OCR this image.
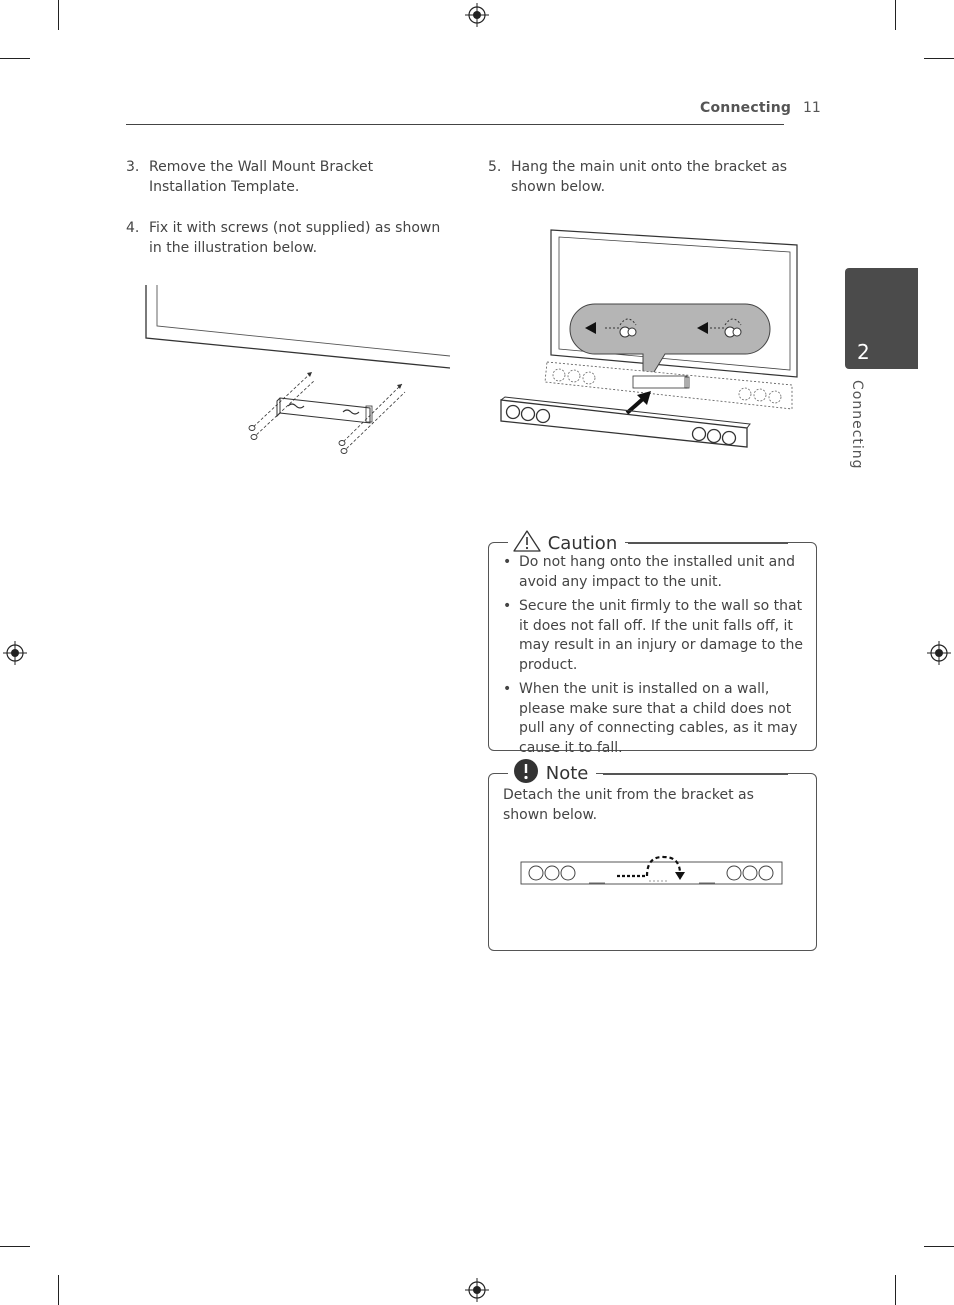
Connecting 11
3. Remove the Wall Mount Bracket Installation Template.
4. Fix it with screws (not supplied) as shown in the illustration below.
5. Hang the main unit onto the bracket as shown below.
2
Connecting
Caution
• Do not hang onto the installed unit and avoid any impact to the unit.
• Secure the unit firmly to the wall so that it does not fall off. If the unit falls off, it may result in an injury or damage to the product.
• When the unit is installed on a wall, please make sure that a child does not pull any of connecting cables, as it may cause it to fall.
Note
Detach the unit from the bracket as shown below.
